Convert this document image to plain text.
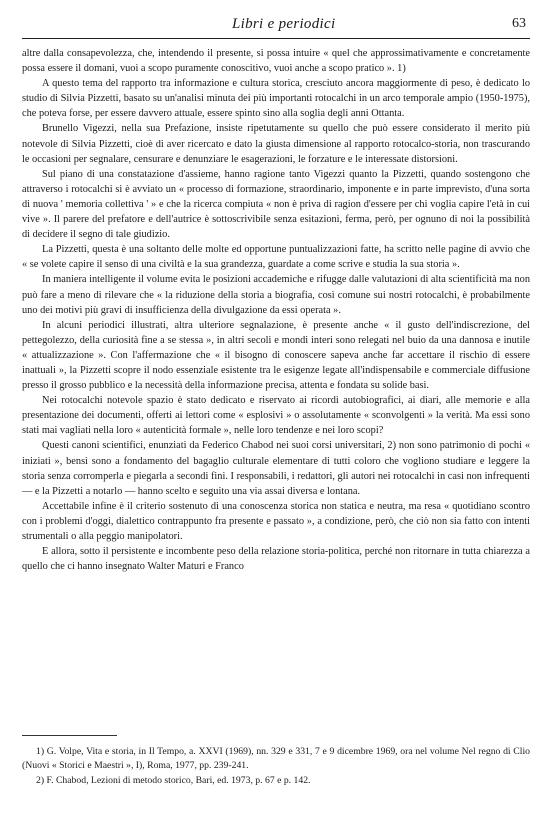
Libri e periodici	63

altre dalla consapevolezza, che, intendendo il presente, si possa intuire « quel che approssimativamente e concretamente possa essere il domani, vuoi a scopo puramente conoscitivo, vuoi anche a scopo pratico ». 1)

A questo tema del rapporto tra informazione e cultura storica, cresciuto ancora maggiormente di peso, è dedicato lo studio di Silvia Pizzetti, basato su un'analisi minuta dei più importanti rotocalchi in un arco temporale ampio (1950-1975), che poteva forse, per essere davvero attuale, essere spinto sino alla soglia degli anni Ottanta.

Brunello Vigezzi, nella sua Prefazione, insiste ripetutamente su quello che può essere considerato il merito più notevole di Silvia Pizzetti, cioè di aver ricercato e dato la giusta dimensione al rapporto rotocalco-storia, non trascurando le occasioni per segnalare, censurare e denunziare le esagerazioni, le forzature e le interessate distorsioni.

Sul piano di una constatazione d'assieme, hanno ragione tanto Vigezzi quanto la Pizzetti, quando sostengono che attraverso i rotocalchi si è avviato un « processo di formazione, straordinario, imponente e in parte imprevisto, d'una sorta di nuova ' memoria collettiva ' » e che la ricerca compiuta « non è priva di ragion d'essere per chi voglia capire l'età in cui vive ». Il parere del prefatore e dell'autrice è sottoscrivibile senza esitazioni, ferma, però, per ognuno di noi la possibilità di decidere il segno di tale giudizio.

La Pizzetti, questa è una soltanto delle molte ed opportune puntualizzazioni fatte, ha scritto nelle pagine di avvio che « se volete capire il senso di una civiltà e la sua grandezza, guardate a come scrive e studia la sua storia ».

In maniera intelligente il volume evita le posizioni accademiche e rifugge dalle valutazioni di alta scientificità ma non può fare a meno di rilevare che « la riduzione della storia a biografia, così comune sui nostri rotocalchi, è probabilmente uno dei motivi più gravi di insufficienza della divulgazione da essi operata ».

In alcuni periodici illustrati, altra ulteriore segnalazione, è presente anche « il gusto dell'indiscrezione, del pettegolezzo, della curiosità fine a se stessa », in altri secoli e mondi interi sono relegati nel buio da una dannosa e inutile « attualizzazione ». Con l'affermazione che « il bisogno di conoscere sapeva anche far accettare il rischio di essere inattuali », la Pizzetti scopre il nodo essenziale esistente tra le esigenze legate all'indispensabile e commerciale diffusione presso il grosso pubblico e la necessità della informazione precisa, attenta e fondata su solide basi.

Nei rotocalchi notevole spazio è stato dedicato e riservato ai ricordi autobiografici, ai diari, alle memorie e alla presentazione dei documenti, offerti ai lettori come « esplosivi » o assolutamente « sconvolgenti » la verità. Ma essi sono stati mai vagliati nella loro « autenticità formale », nelle loro tendenze e nei loro scopi?

Questi canoni scientifici, enunziati da Federico Chabod nei suoi corsi universitari, 2) non sono patrimonio di pochi « iniziati », bensì sono a fondamento del bagaglio culturale elementare di tutti coloro che vogliono studiare e leggere la storia senza corromperla e piegarla a secondi fini. I responsabili, i redattori, gli autori nei rotocalchi in casi non infrequenti — e la Pizzetti a notarlo — hanno scelto e seguito una via assai diversa e lontana.

Accettabile infine è il criterio sostenuto di una conoscenza storica non statica e neutra, ma resa « quotidiano scontro con i problemi d'oggi, dialettico contrappunto fra presente e passato », a condizione, però, che ciò non sia fatto con intenti strumentali o alla peggio manipolatori.

E allora, sotto il persistente e incombente peso della relazione storia-politica, perché non ritornare in tutta chiarezza a quello che ci hanno insegnato Walter Maturi e Franco

1) G. Volpe, Vita e storia, in Il Tempo, a. XXVI (1969), nn. 329 e 331, 7 e 9 dicembre 1969, ora nel volume Nel regno di Clio (Nuovi « Storici e Maestri », I), Roma, 1977, pp. 239-241.

2) F. Chabod, Lezioni di metodo storico, Bari, ed. 1973, p. 67 e p. 142.
